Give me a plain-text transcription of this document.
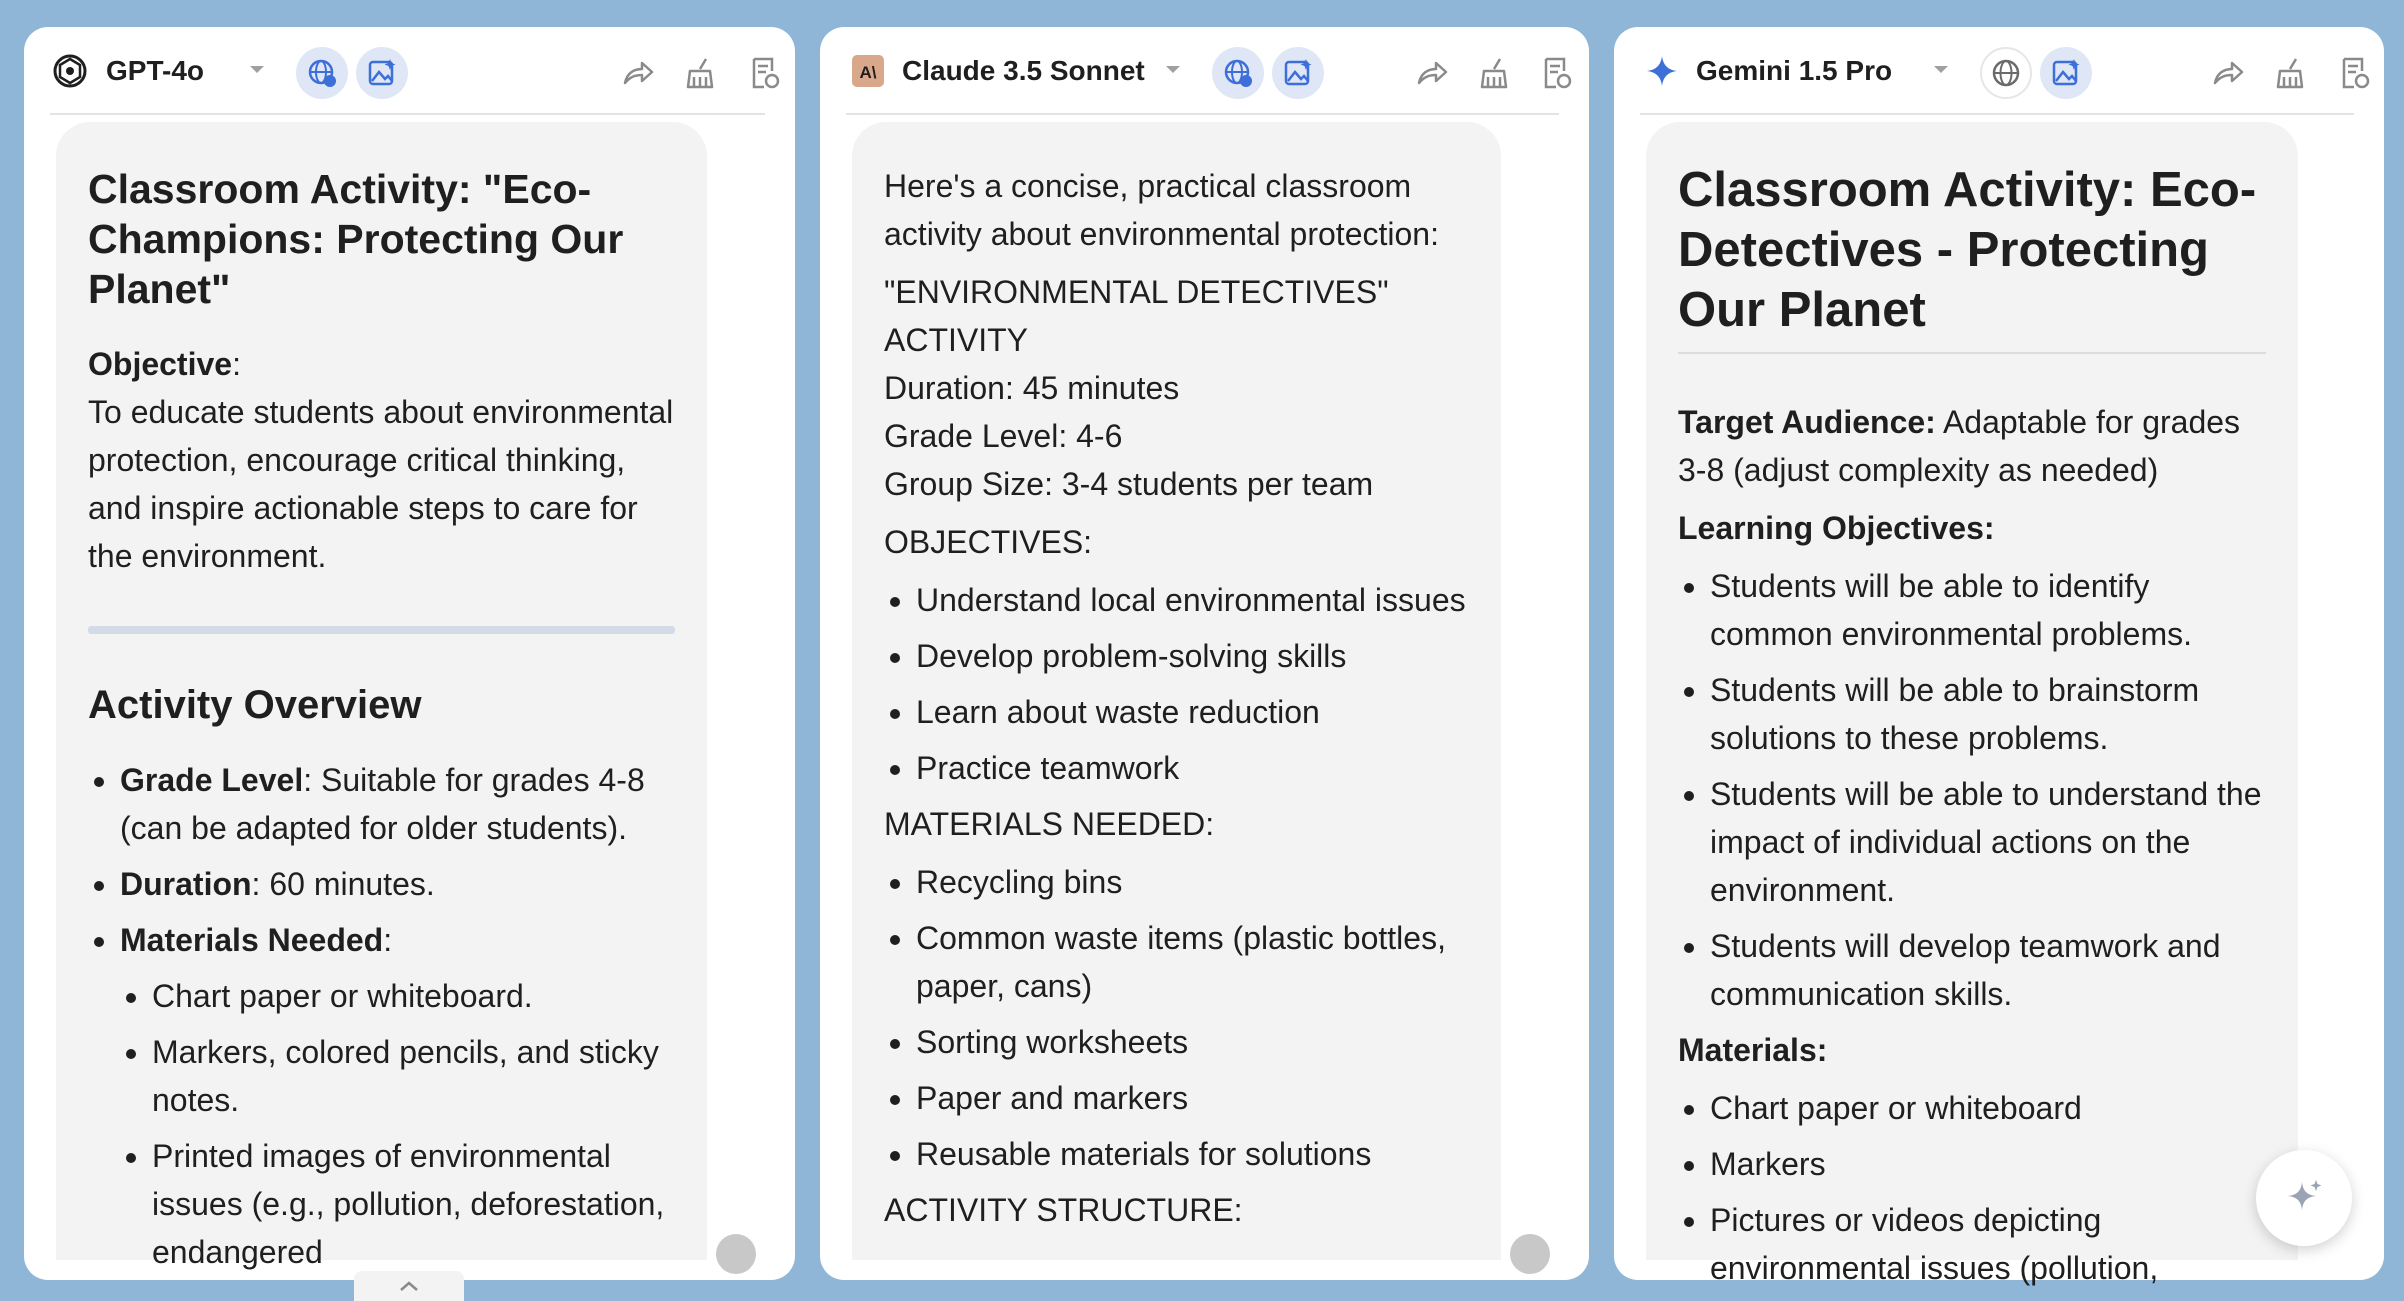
GPT-4o

Classroom Activity: "Eco-Champions: Protecting Our Planet"

Objective:

To educate students about environmental protection, encourage critical thinking, and inspire actionable steps to care for the environment.

Activity Overview

• Grade Level: Suitable for grades 4-8 (can be adapted for older students).
• Duration: 60 minutes.
• Materials Needed:
• Chart paper or whiteboard.
• Markers, colored pencils, and sticky notes.
• Printed images of environmental issues (e.g., pollution, deforestation, endangered
A\ Claude 3.5 Sonnet

Here's a concise, practical classroom activity about environmental protection:

"ENVIRONMENTAL DETECTIVES"

ACTIVITY

Duration: 45 minutes

Grade Level: 4-6

Group Size: 3-4 students per team

OBJECTIVES:

• Understand local environmental issues
• Develop problem-solving skills
• Learn about waste reduction
• Practice teamwork

MATERIALS NEEDED:

• Recycling bins
• Common waste items (plastic bottles, paper, cans)
• Sorting worksheets
• Paper and markers
• Reusable materials for solutions

ACTIVITY STRUCTURE:

Gemini 1.5 Pro

Classroom Activity: Eco-Detectives - Protecting Our Planet

Target Audience: Adaptable for grades 3-8 (adjust complexity as needed)

Learning Objectives:

• Students will be able to identify common environmental problems.
• Students will be able to brainstorm solutions to these problems.
• Students will be able to understand the impact of individual actions on the environment.
• Students will develop teamwork and communication skills.

Materials:

• Chart paper or whiteboard
• Markers
• Pictures or videos depicting environmental issues (pollution,
